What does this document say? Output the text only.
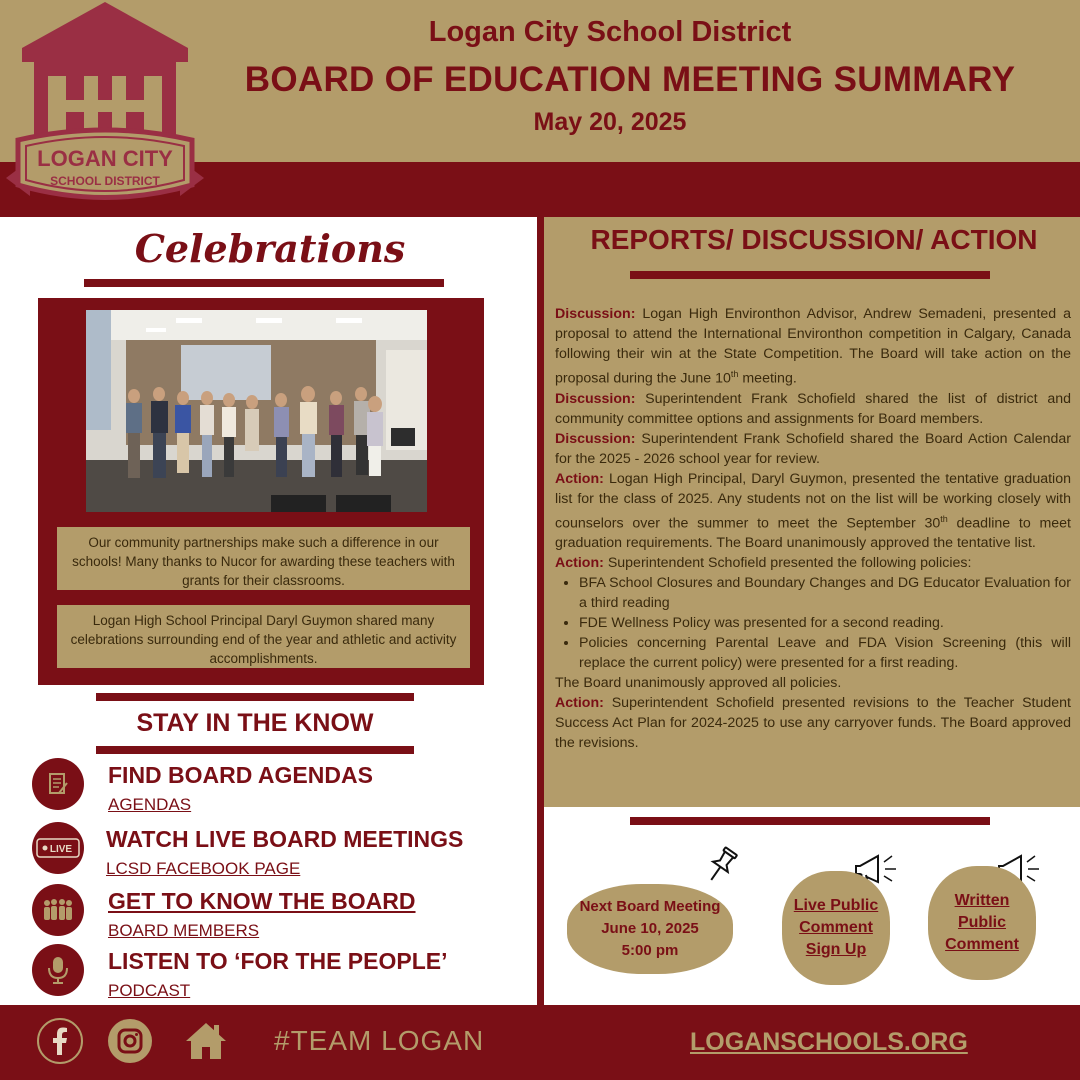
LOGAN CITY
SCHOOL DISTRICT
Logan City School District
BOARD OF EDUCATION MEETING SUMMARY
May 20, 2025
Celebrations
Our community partnerships make such a difference in our schools! Many thanks to Nucor for awarding these teachers with grants for their classrooms.
Logan High School Principal Daryl Guymon shared many celebrations surrounding end of the year and athletic and activity accomplishments.
STAY IN THE KNOW
FIND BOARD AGENDAS
AGENDAS
LIVE WATCH LIVE BOARD MEETINGS
LCSD FACEBOOK PAGE
GET TO KNOW THE BOARD
BOARD MEMBERS
LISTEN TO ‘FOR THE PEOPLE’
PODCAST
REPORTS/ DISCUSSION/ ACTION

Discussion: Logan High Environthon Advisor, Andrew Semadeni, presented a proposal to attend the International Environthon competition in Calgary, Canada following their win at the State Competition. The Board will take action on the proposal during the June 10th meeting.

Discussion: Superintendent Frank Schofield shared the list of district and community committee options and assignments for Board members.

Discussion: Superintendent Frank Schofield shared the Board Action Calendar for the 2025 - 2026 school year for review.

Action: Logan High Principal, Daryl Guymon, presented the tentative graduation list for the class of 2025. Any students not on the list will be working closely with counselors over the summer to meet the September 30th deadline to meet graduation requirements. The Board unanimously approved the tentative list.

Action: Superintendent Schofield presented the following policies:

• BFA School Closures and Boundary Changes and DG Educator Evaluation for a third reading
• FDE Wellness Policy was presented for a second reading.
• Policies concerning Parental Leave and FDA Vision Screening (this will replace the current policy) were presented for a first reading.

The Board unanimously approved all policies.

Action: Superintendent Schofield presented revisions to the Teacher Student Success Act Plan for 2024-2025 to use any carryover funds. The Board approved the revisions.

Next Board Meeting
June 10, 2025
5:00 pm
Live Public
Comment
Sign Up
Written
Public
Comment
#TEAM LOGAN	LOGANSCHOOLS.ORG
